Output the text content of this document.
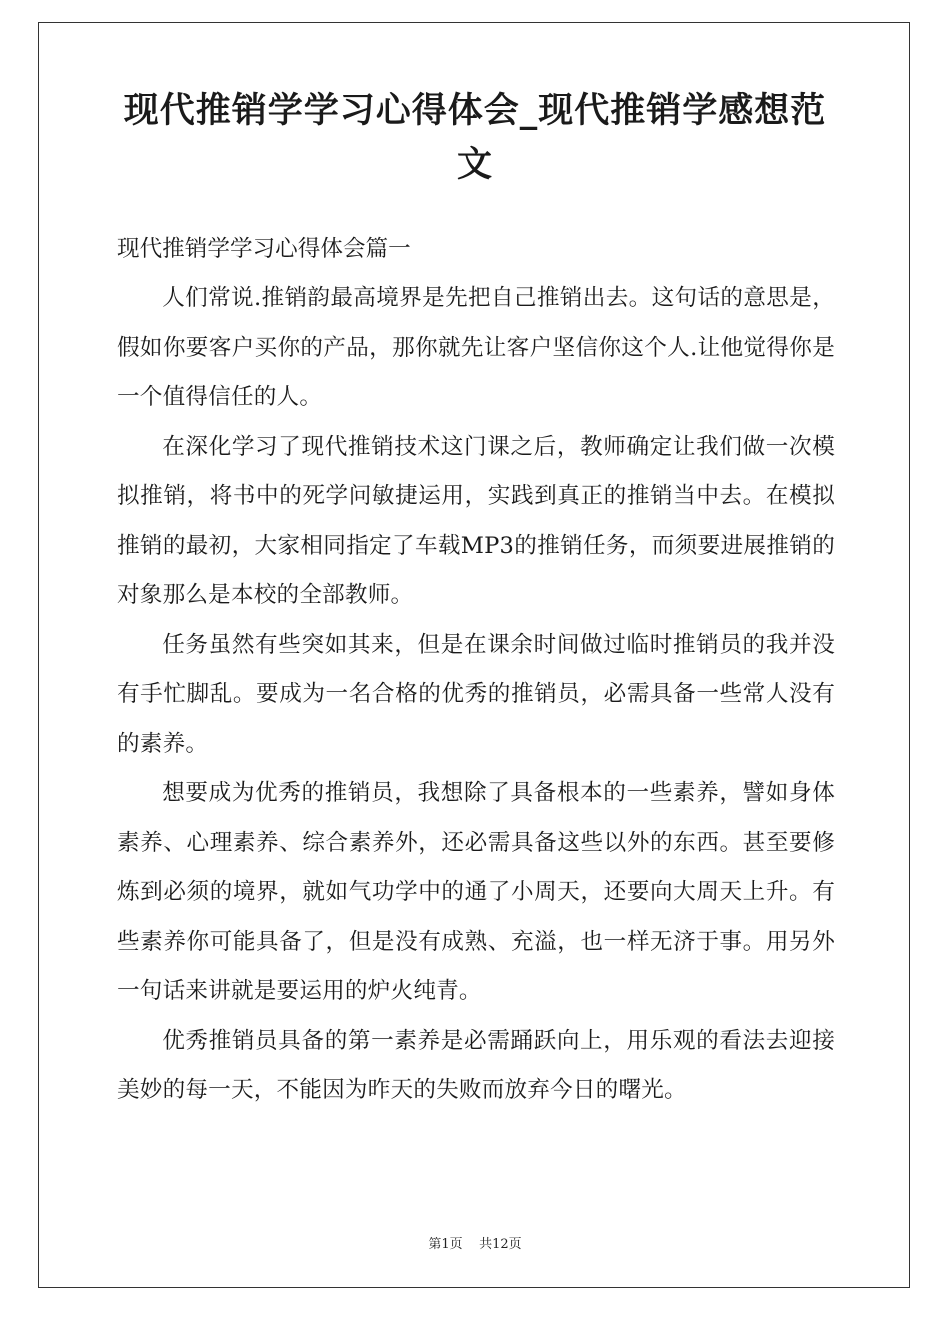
现代推销学学习心得体会_现代推销学感想范文

现代推销学学习心得体会篇一

人们常说.推销韵最高境界是先把自己推销出去。这句话的意思是，假如你要客户买你的产品，那你就先让客户坚信你这个人.让他觉得你是一个值得信任的人。

在深化学习了现代推销技术这门课之后，教师确定让我们做一次模拟推销，将书中的死学问敏捷运用，实践到真正的推销当中去。在模拟推销的最初，大家相同指定了车载MP3的推销任务，而须要进展推销的对象那么是本校的全部教师。

任务虽然有些突如其来，但是在课余时间做过临时推销员的我并没有手忙脚乱。要成为一名合格的优秀的推销员，必需具备一些常人没有的素养。

想要成为优秀的推销员，我想除了具备根本的一些素养，譬如身体素养、心理素养、综合素养外，还必需具备这些以外的东西。甚至要修炼到必须的境界，就如气功学中的通了小周天，还要向大周天上升。有些素养你可能具备了，但是没有成熟、充溢，也一样无济于事。用另外一句话来讲就是要运用的炉火纯青。

优秀推销员具备的第一素养是必需踊跃向上，用乐观的看法去迎接美妙的每一天，不能因为昨天的失败而放弃今日的曙光。

第1页    共12页
